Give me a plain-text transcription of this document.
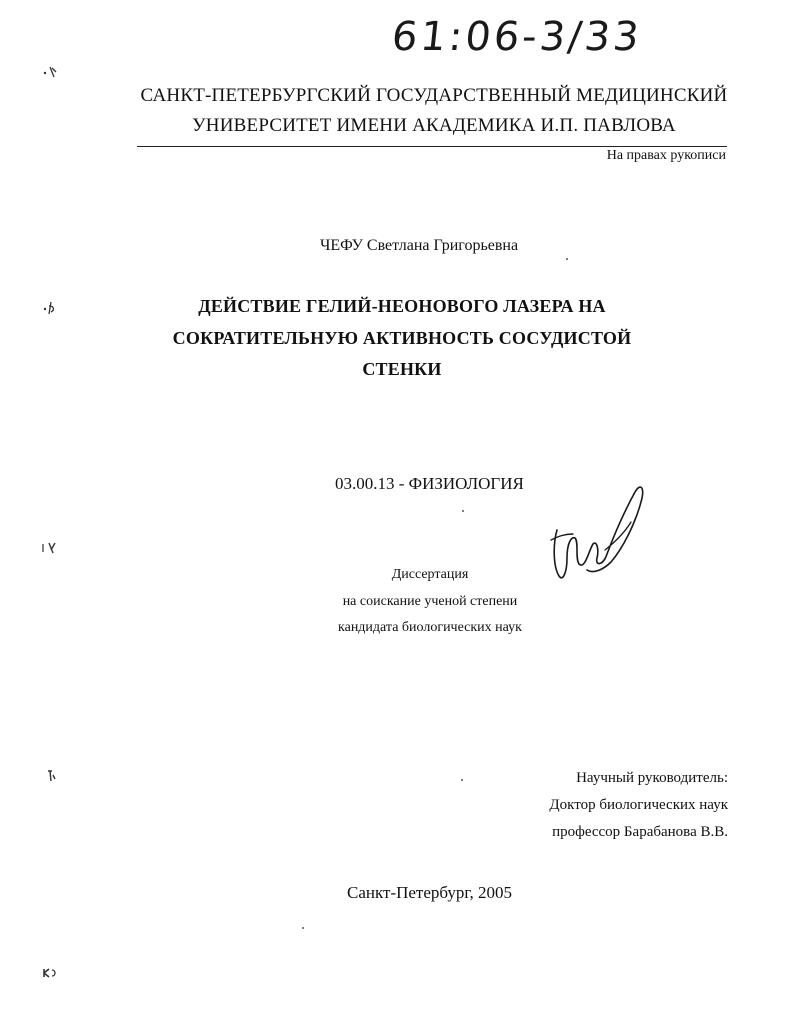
61:06-3/33
САНКТ-ПЕТЕРБУРГСКИЙ ГОСУДАРСТВЕННЫЙ МЕДИЦИНСКИЙ
УНИВЕРСИТЕТ ИМЕНИ АКАДЕМИКА И.П. ПАВЛОВА
На правах рукописи
ЧЕФУ Светлана Григорьевна
ДЕЙСТВИЕ ГЕЛИЙ-НЕОНОВОГО ЛАЗЕРА НА
СОКРАТИТЕЛЬНУЮ АКТИВНОСТЬ СОСУДИСТОЙ
СТЕНКИ
03.00.13 - ФИЗИОЛОГИЯ
Диссертация
на соискание ученой степени
кандидата биологических наук
Научный руководитель:
Доктор биологических наук
профессор Барабанова В.В.
Санкт-Петербург, 2005
